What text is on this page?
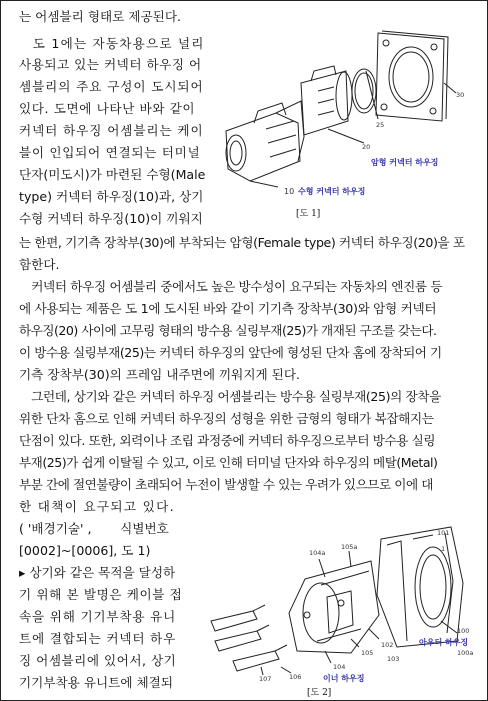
는 어셈블리 형태로 제공된다.
　도 1에는 자동차용으로 널리
사용되고 있는 커넥터 하우징 어
셈블리의 주요 구성이 도시되어
있다. 도면에 나타난 바와 같이
커넥터 하우징 어셈블리는 케이
블이 인입되어 연결되는 터미널
단자(미도시)가 마련된 수형(Male
type) 커넥터 하우징(10)과, 상기
수형 커넥터 하우징(10)이 끼워지
는 한편, 기기측 장착부(30)에 부착되는 암형(Female type) 커넥터 하우징(20)을 포
함한다.
　커넥터 하우징 어셈블리 중에서도 높은 방수성이 요구되는 자동차의 엔진룸 등
에 사용되는 제품은 도 1에 도시된 바와 같이 기기측 장착부(30)와 암형 커넥터
하우징(20) 사이에 고무링 형태의 방수용 실링부재(25)가 개재된 구조를 갖는다.
이 방수용 실링부재(25)는 커넥터 하우징의 앞단에 형성된 단차 홈에 장착되어 기
기측 장착부(30)의 프레임 내주면에 끼워지게 된다.
　그런데, 상기와 같은 커넥터 하우징 어셈블리는 방수용 실링부재(25)의 장착을
위한 단차 홈으로 인해 커넥터 하우징의 성형을 위한 금형의 형태가 복잡해지는
단점이 있다. 또한, 외력이나 조립 과정중에 커넥터 하우징으로부터 방수용 실링
부재(25)가 쉽게 이탈될 수 있고, 이로 인해 터미널 단자와 하우징의 메탈(Metal)
부분 간에 절연불량이 초래되어 누전이 발생할 수 있는 우려가 있으므로 이에 대
한 대책이 요구되고 있다.
( '배경기술' ,  　  식별번호
[0002]~[0006], 도 1)
▸ 상기와 같은 목적을 달성하
기 위해 본 발명은 케이블 접
속을 위해 기기부착용 유니
트에 결합되는 커넥터 하우
징 어셈블리에 있어서, 상기
기기부착용 유니트에 체결되
30
25
20
암형 커넥터 하우징
10 수형 커넥터 하우징
[도 1]
101
104a
105a
100
아우터 하우징
100a
102
105
103
104
이너 하우징
106
107
1
[도 2]
